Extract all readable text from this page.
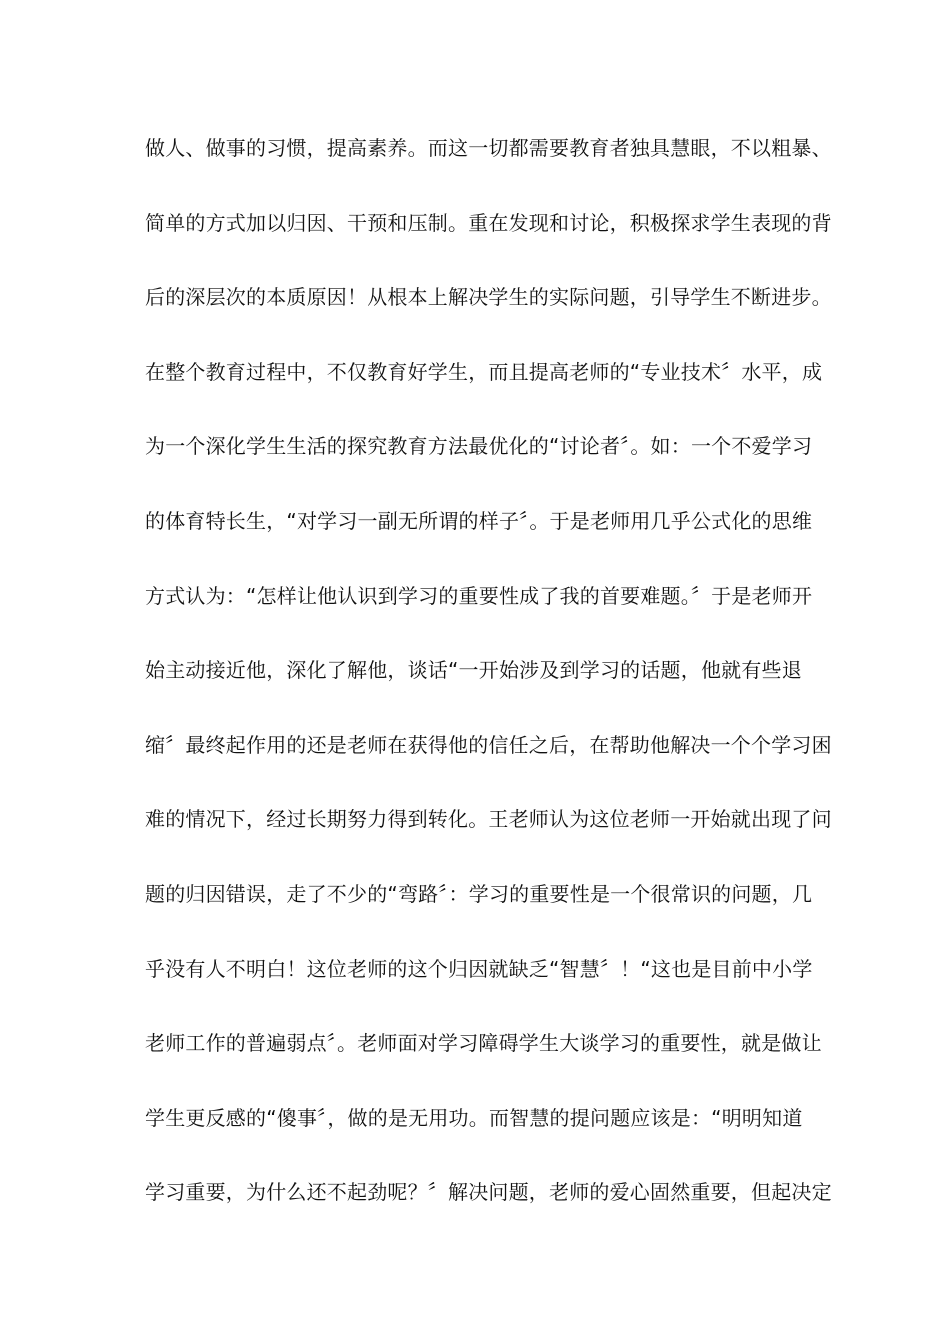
做人、做事的习惯，提高素养。而这一切都需要教育者独具慧眼，不以粗暴、
简单的方式加以归因、干预和压制。重在发现和讨论，积极探求学生表现的背
后的深层次的本质原因！从根本上解决学生的实际问题，引导学生不断进步。
在整个教育过程中，不仅教育好学生，而且提高老师的“专业技术〞水平，成
为一个深化学生生活的探究教育方法最优化的“讨论者〞。如：一个不爱学习
的体育特长生，“对学习一副无所谓的样子〞。于是老师用几乎公式化的思维
方式认为：“怎样让他认识到学习的重要性成了我的首要难题。〞于是老师开
始主动接近他，深化了解他，谈话“一开始涉及到学习的话题，他就有些退
缩〞最终起作用的还是老师在获得他的信任之后，在帮助他解决一个个学习困
难的情况下，经过长期努力得到转化。王老师认为这位老师一开始就出现了问
题的归因错误，走了不少的“弯路〞：学习的重要性是一个很常识的问题，几
乎没有人不明白！这位老师的这个归因就缺乏“智慧〞！“这也是目前中小学
老师工作的普遍弱点〞。老师面对学习障碍学生大谈学习的重要性，就是做让
学生更反感的“傻事〞，做的是无用功。而智慧的提问题应该是：“明明知道
学习重要，为什么还不起劲呢？〞解决问题，老师的爱心固然重要，但起决定
